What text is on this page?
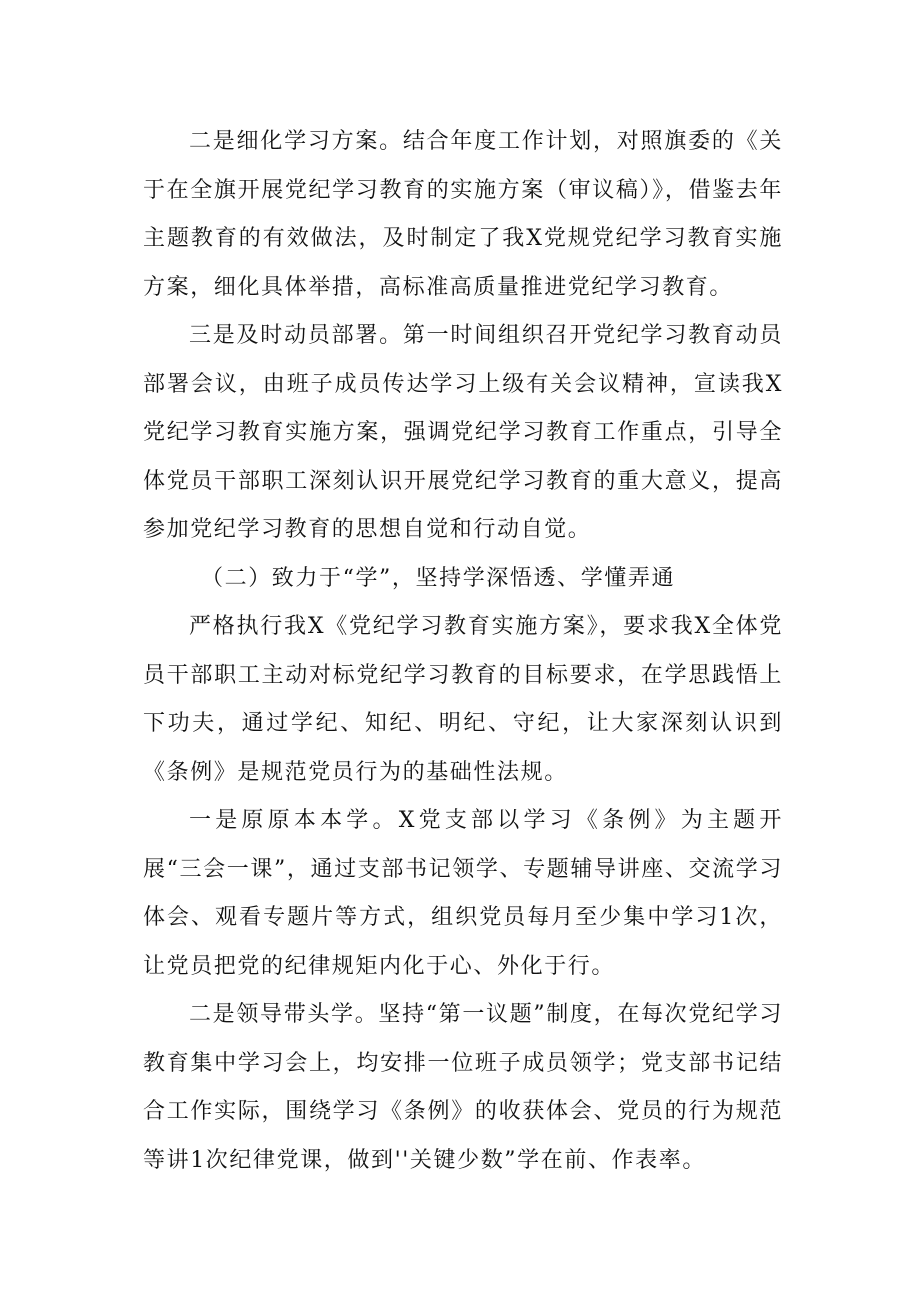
二是细化学习方案。结合年度工作计划，对照旗委的《关于在全旗开展党纪学习教育的实施方案（审议稿）》，借鉴去年主题教育的有效做法，及时制定了我X党规党纪学习教育实施方案，细化具体举措，高标准高质量推进党纪学习教育。

三是及时动员部署。第一时间组织召开党纪学习教育动员部署会议，由班子成员传达学习上级有关会议精神，宣读我X党纪学习教育实施方案，强调党纪学习教育工作重点，引导全体党员干部职工深刻认识开展党纪学习教育的重大意义，提高参加党纪学习教育的思想自觉和行动自觉。

（二）致力于“学”，坚持学深悟透、学懂弄通

严格执行我X《党纪学习教育实施方案》，要求我X全体党员干部职工主动对标党纪学习教育的目标要求，在学思践悟上下功夫，通过学纪、知纪、明纪、守纪，让大家深刻认识到《条例》是规范党员行为的基础性法规。

一是原原本本学。X党支部以学习《条例》为主题开展“三会一课”，通过支部书记领学、专题辅导讲座、交流学习体会、观看专题片等方式，组织党员每月至少集中学习1次，让党员把党的纪律规矩内化于心、外化于行。

二是领导带头学。坚持“第一议题”制度，在每次党纪学习教育集中学习会上，均安排一位班子成员领学；党支部书记结合工作实际，围绕学习《条例》的收获体会、党员的行为规范等讲1次纪律党课，做到''关键少数”学在前、作表率。
